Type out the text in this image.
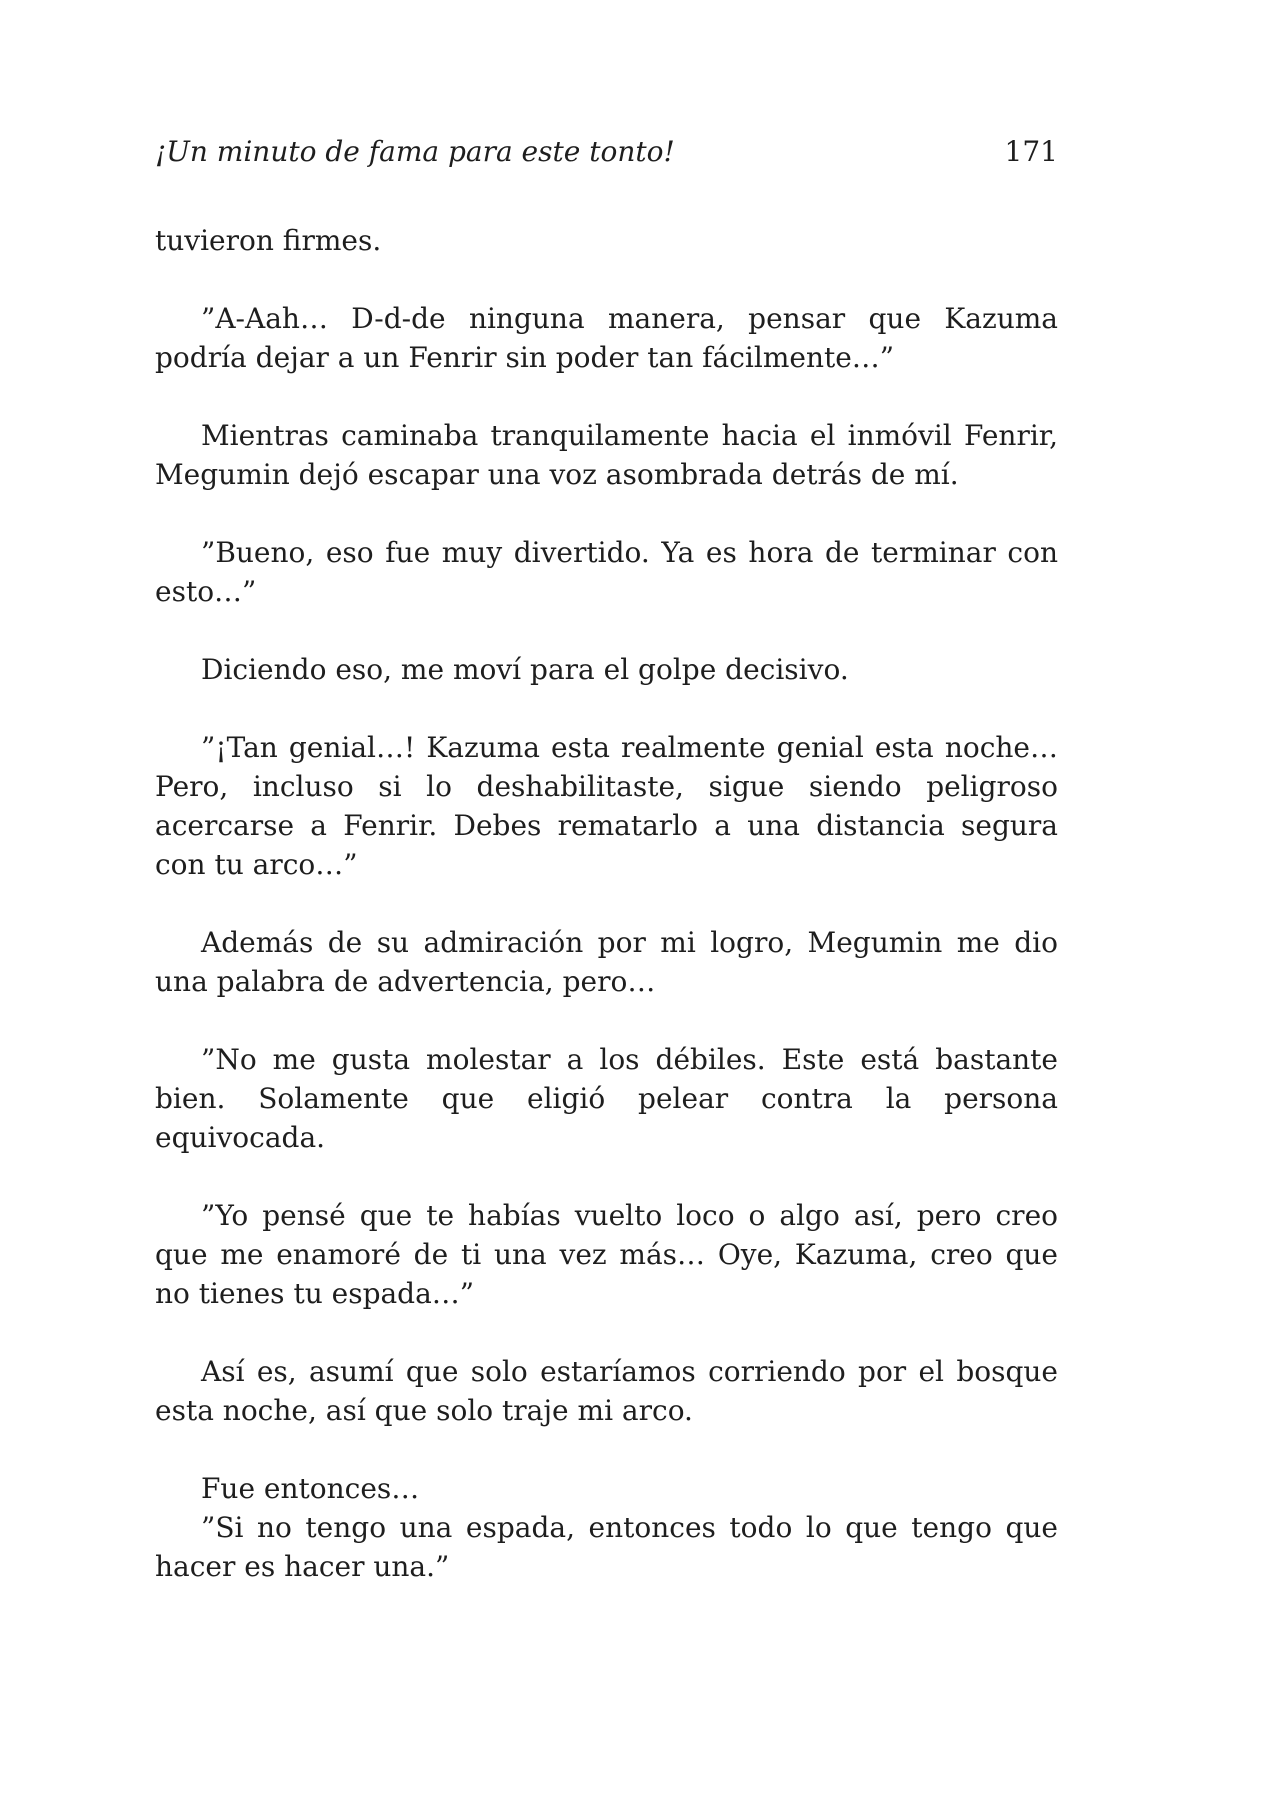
¡Un minuto de fama para este tonto!	171

tuvieron firmes.

”A-Aah… D-d-de ninguna manera, pensar que Kazuma podría dejar a un Fenrir sin poder tan fácilmente…”

Mientras caminaba tranquilamente hacia el inmóvil Fenrir, Megumin dejó escapar una voz asombrada detrás de mí.

”Bueno, eso fue muy divertido. Ya es hora de terminar con esto…”

Diciendo eso, me moví para el golpe decisivo.

”¡Tan genial…! Kazuma esta realmente genial esta noche… Pero, incluso si lo deshabilitaste, sigue siendo peligroso acercarse a Fenrir. Debes rematarlo a una distancia segura con tu arco…”

Además de su admiración por mi logro, Megumin me dio una palabra de advertencia, pero…

”No me gusta molestar a los débiles. Este está bastante bien. Solamente que eligió pelear contra la persona equivocada.

”Yo pensé que te habías vuelto loco o algo así, pero creo que me enamoré de ti una vez más… Oye, Kazuma, creo que no tienes tu espada…”

Así es, asumí que solo estaríamos corriendo por el bosque esta noche, así que solo traje mi arco.

Fue entonces…

”Si no tengo una espada, entonces todo lo que tengo que hacer es hacer una.”
